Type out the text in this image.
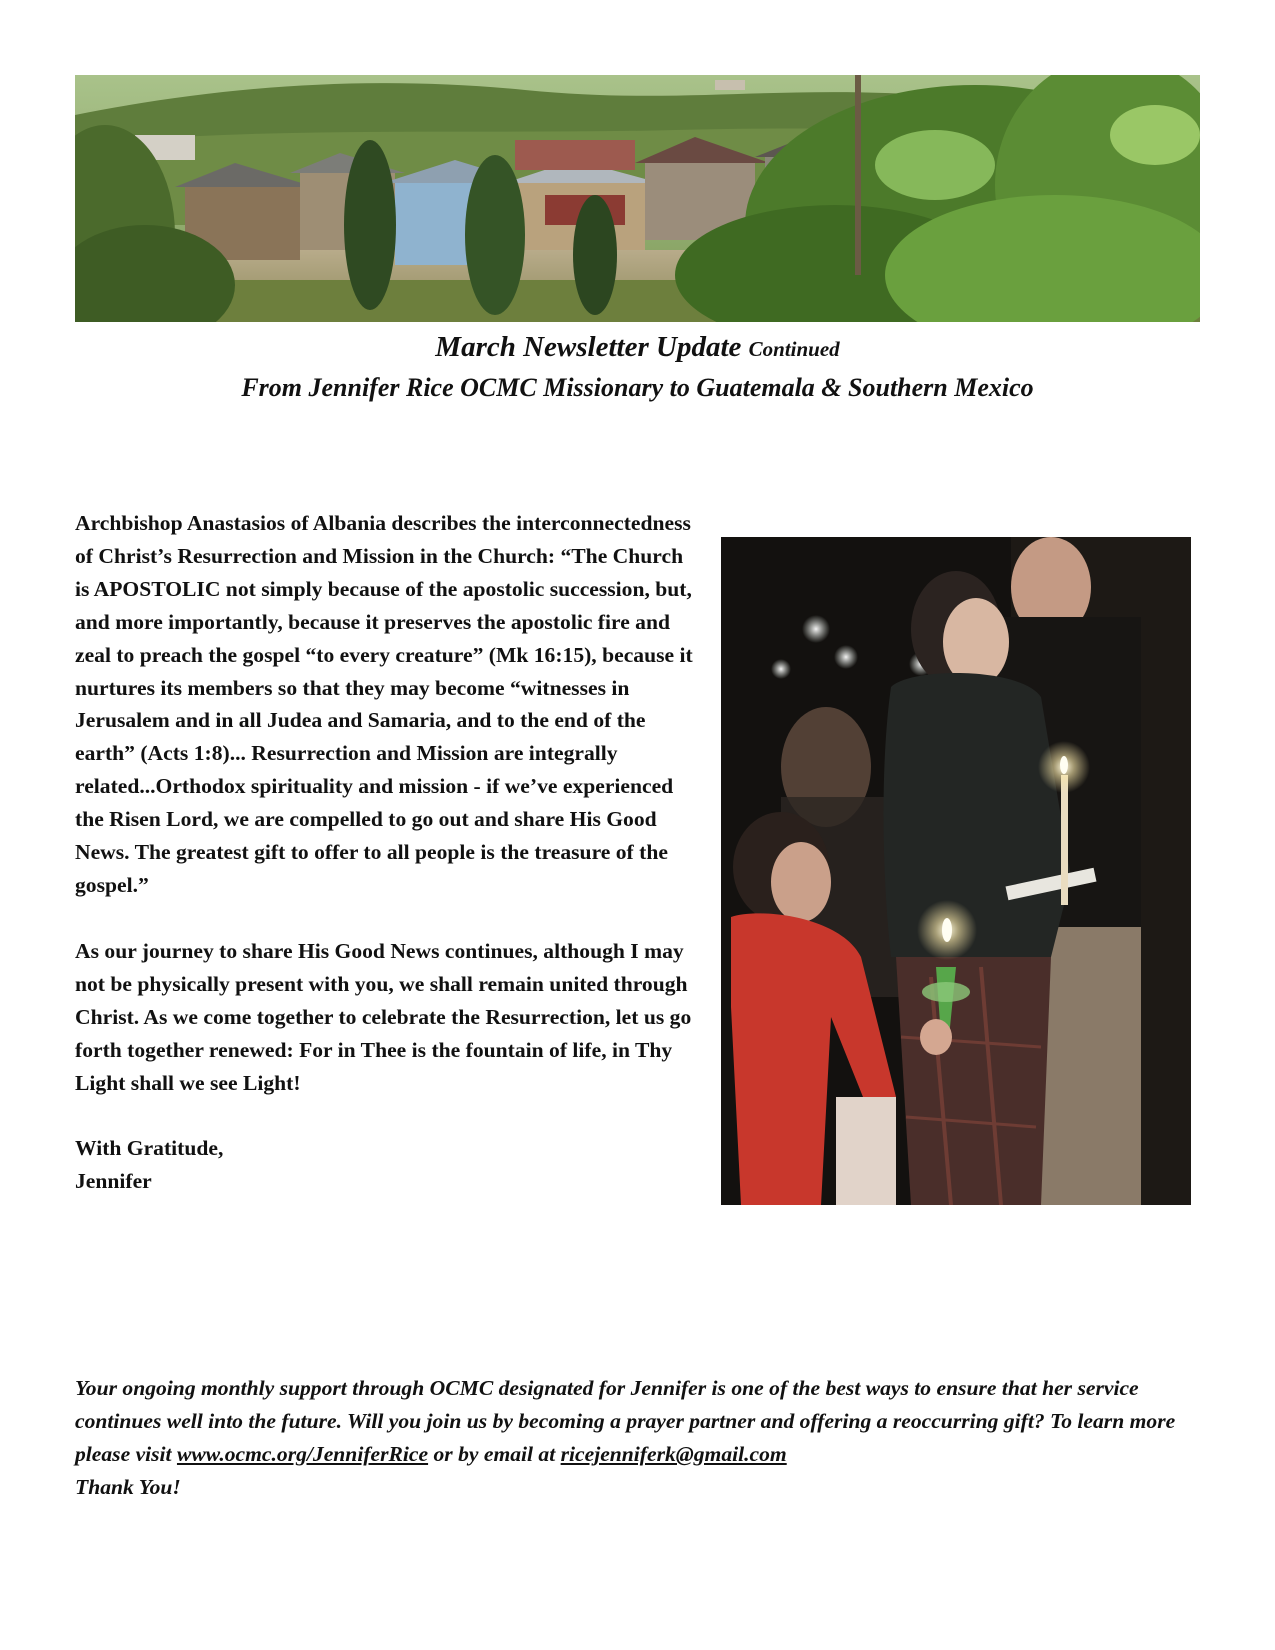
March Newsletter Update Continued
From Jennifer Rice OCMC Missionary to Guatemala & Southern Mexico

Archbishop Anastasios of Albania describes the interconnectedness of Christ’s Resurrection and Mission in the Church: “The Church is APOSTOLIC not simply because of the apostolic succession, but, and more importantly, because it preserves the apostolic fire and zeal to preach the gospel “to every creature” (Mk 16:15), because it nurtures its members so that they may become “witnesses in Jerusalem and in all Judea and Samaria, and to the end of the earth” (Acts 1:8)... Resurrection and Mission are integrally related...Orthodox spirituality and mission - if we’ve experienced the Risen Lord, we are compelled to go out and share His Good News. The greatest gift to offer to all people is the treasure of the gospel.”

As our journey to share His Good News continues, although I may not be physically present with you, we shall remain united through Christ. As we come together to celebrate the Resurrection, let us go forth together renewed: For in Thee is the fountain of life, in Thy Light shall we see Light!

With Gratitude,
Jennifer

Your ongoing monthly support through OCMC designated for Jennifer is one of the best ways to ensure that her service continues well into the future. Will you join us by becoming a prayer partner and offering a reoccurring gift? To learn more please visit www.ocmc.org/JenniferRice or by email at ricejenniferk@gmail.com
Thank You!
